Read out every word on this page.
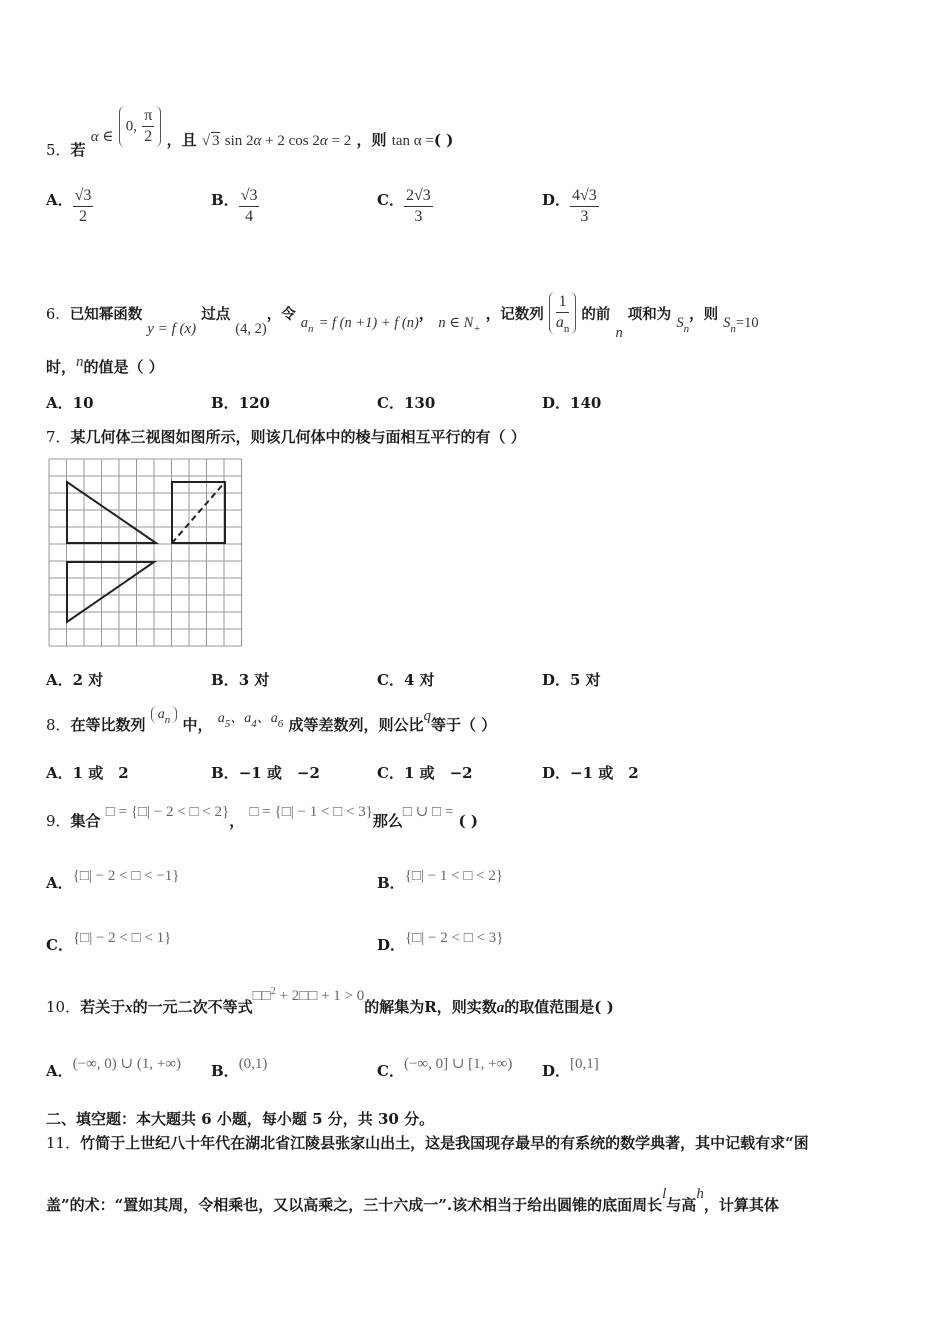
5．若 α ∈ 0, $\frac{\pi}{2}$ ，且 √ 3 sin 2α + 2 cos 2α = 2 ，则 tan α =( )
A． $\frac{√3}{2}$	B． $\frac{√3}{4}$	C． $\frac{2√3}{3}$	D． $\frac{4√3}{3}$
6．已知幂函数 y = f (x) 过点 (4, 2)，令 $a_n = f$ (n +1) + f (n)， n ∈ $N_+$ ，记数列 $\frac{1}{a_n}$ 的前 n 项和为 $S_n$，则 $S_n=10$
时，n的值是（ ）
A．10	B．120	C．130	D．140
7．某几何体三视图如图所示，则该几何体中的棱与面相互平行的有（ ）
A．2 对	B．3 对	C．4 对	D．5 对
8．在等比数列 $a_n$ 中， $a_5$、$a_4$、$a_6$ 成等差数列，则公比q等于（ ）
A．1 或　2	B．−1 或　−2	C．1 或　−2	D．−1 或　2
9．集合 □ = {□| − 2 < □ < 2}， □ = {□| − 1 < □ < 3}那么□ ∪ □ = ( )
A．{□| − 2 < □ < −1}	B．{□| − 1 < □ < 2}
C．{□| − 2 < □ < 1}	D．{□| − 2 < □ < 3}
10．若关于x的一元二次不等式□□$^2$ + 2□□ + 1 > 0的解集为R，则实数a的取值范围是( )
A．(−∞, 0) ∪ (1, +∞) B．(0,1)	C．(−∞, 0] ∪ [1, +∞) D．[0,1]
二、填空题：本大题共 6 小题，每小题 5 分，共 30 分。
11．竹简于上世纪八十年代在湖北省江陵县张家山出土，这是我国现存最早的有系统的数学典著，其中记载有求“囷
盖”的术：“置如其周，令相乘也，又以高乘之，三十六成一”.该术相当于给出圆锥的底面周长l与高h，计算其体
